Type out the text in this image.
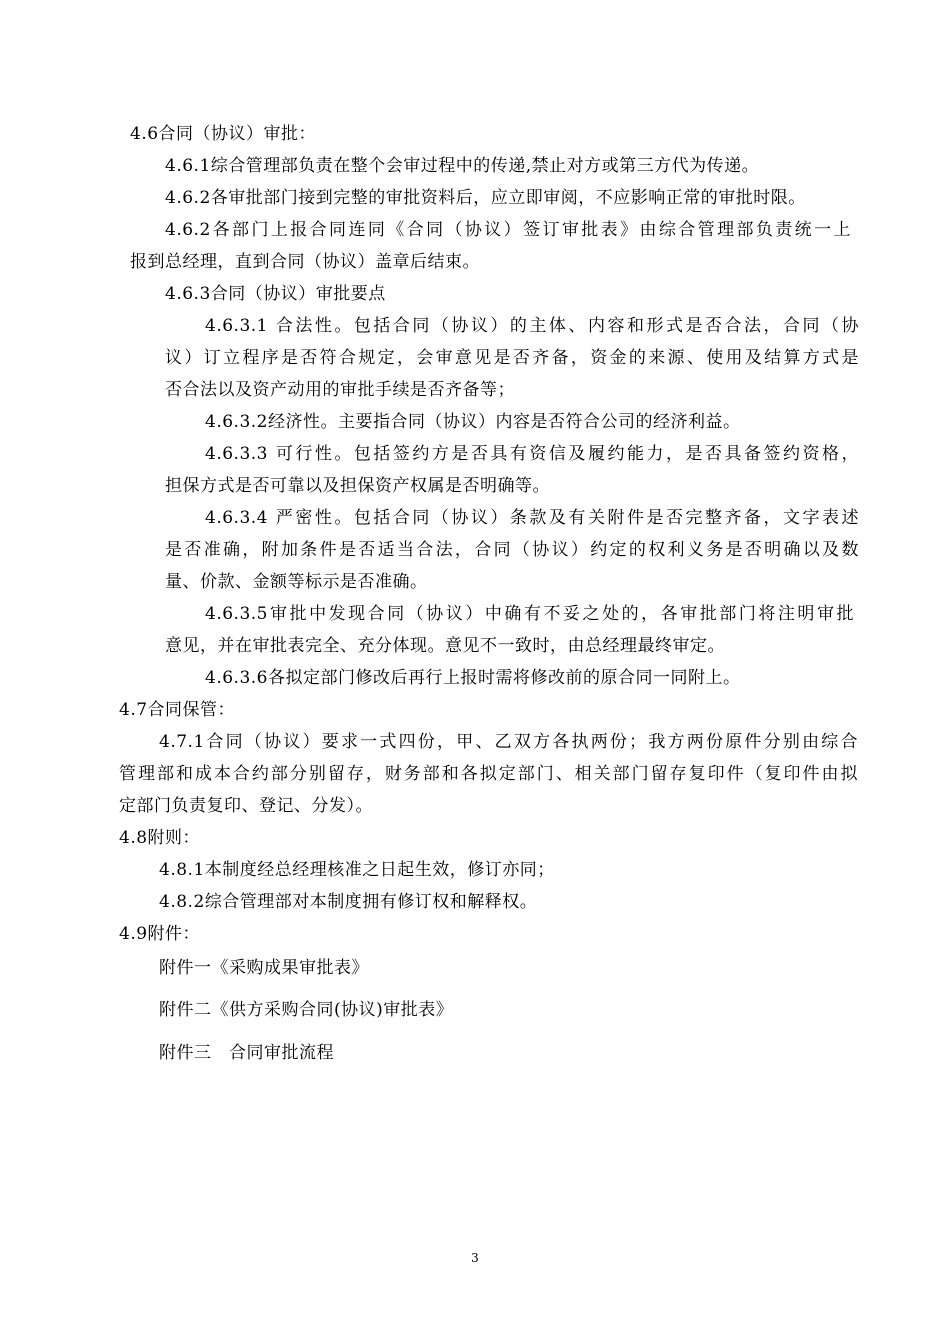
4.6合同（协议）审批：
4.6.1综合管理部负责在整个会审过程中的传递,禁止对方或第三方代为传递。
4.6.2各审批部门接到完整的审批资料后，应立即审阅，不应影响正常的审批时限。
4.6.2各部门上报合同连同《合同（协议）签订审批表》由综合管理部负责统一上
报到总经理，直到合同（协议）盖章后结束。
4.6.3合同（协议）审批要点
4.6.3.1 合法性。包括合同（协议）的主体、内容和形式是否合法，合同（协
议）订立程序是否符合规定，会审意见是否齐备，资金的来源、使用及结算方式是
否合法以及资产动用的审批手续是否齐备等；
4.6.3.2经济性。主要指合同（协议）内容是否符合公司的经济利益。
4.6.3.3 可行性。包括签约方是否具有资信及履约能力，是否具备签约资格，
担保方式是否可靠以及担保资产权属是否明确等。
4.6.3.4 严密性。包括合同（协议）条款及有关附件是否完整齐备，文字表述
是否准确，附加条件是否适当合法，合同（协议）约定的权利义务是否明确以及数
量、价款、金额等标示是否准确。
4.6.3.5审批中发现合同（协议）中确有不妥之处的，各审批部门将注明审批
意见，并在审批表完全、充分体现。意见不一致时，由总经理最终审定。
4.6.3.6各拟定部门修改后再行上报时需将修改前的原合同一同附上。
4.7合同保管：
4.7.1合同（协议）要求一式四份，甲、乙双方各执两份；我方两份原件分别由综合
管理部和成本合约部分别留存，财务部和各拟定部门、相关部门留存复印件（复印件由拟
定部门负责复印、登记、分发）。
4.8附则：
4.8.1本制度经总经理核准之日起生效，修订亦同；
4.8.2综合管理部对本制度拥有修订权和解释权。
4.9附件：
附件一《采购成果审批表》
附件二《供方采购合同(协议)审批表》
附件三　合同审批流程
3
